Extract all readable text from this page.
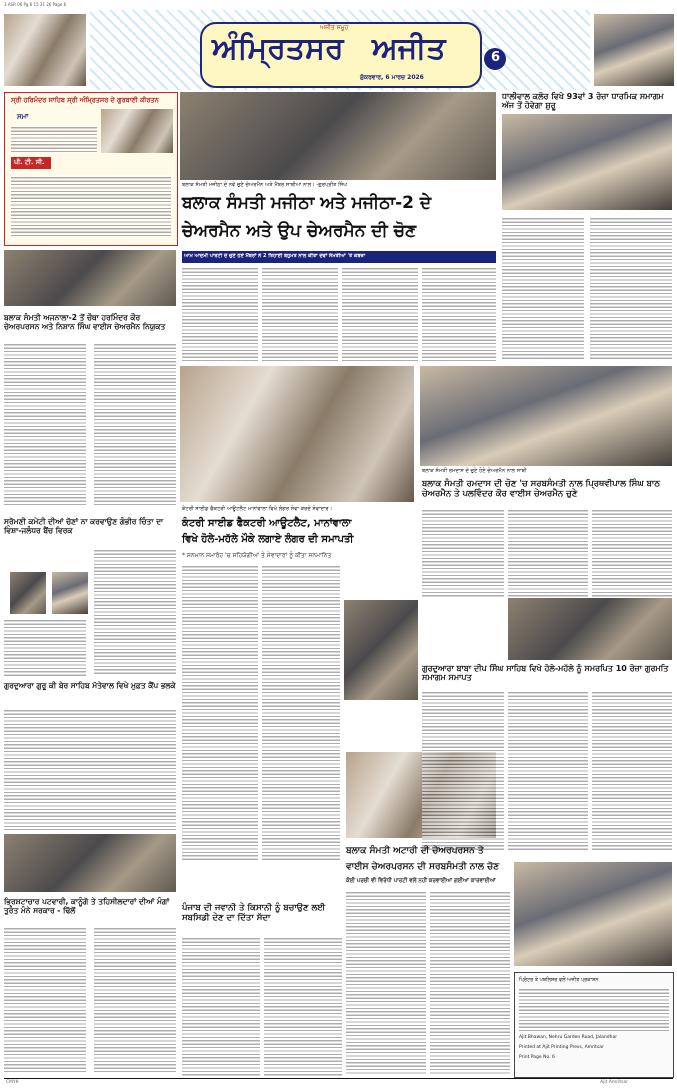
3 ASR 06 Pg 6 15 31 26 Page 6
ਅਜੀਤ ਸਮੂਹ
ਅੰਮ੍ਰਿਤਸਰ ਅਜੀਤ
ਸ਼ੁੱਕਰਵਾਰ, 6 ਮਾਰਚ 2026
6
ਸ੍ਰੀ ਹਰਿਮੰਦਰ ਸਾਹਿਬ ਸ੍ਰੀ ਅੰਮ੍ਰਿਤਸਰ ਦੇ ਗੁਰਬਾਣੀ ਕੀਰਤਨ
ਸਮਾਂ
ਪੀ. ਟੀ. ਸੀ.
ਬਲਾਕ ਸੰਮਤੀ ਮਜੀਠਾ ਦੇ ਨਵੇਂ ਚੁਣੇ ਚੇਅਰਮੈਨ ਅਤੇ ਮੈਂਬਰ ਸਾਥੀਆਂ ਨਾਲ। -ਗੁਰਪ੍ਰੀਤ ਸਿੰਘ
ਬਲਾਕ ਸੰਮਤੀ ਮਜੀਠਾ ਅਤੇ ਮਜੀਠਾ-2 ਦੇ
ਚੇਅਰਮੈਨ ਅਤੇ ਉਪ ਚੇਅਰਮੈਨ ਦੀ ਚੋਣ
ਆਮ ਆਦਮੀ ਪਾਰਟੀ ਦੇ ਚੁਣੇ ਹੋਏ ਮੈਂਬਰਾਂ ਨੇ 2 ਤਿਹਾਈ ਬਹੁਮਤ ਨਾਲ ਕੀਤਾ ਦੋਵਾਂ ਸੰਮਤੀਆਂ 'ਤੇ ਕਬਜ਼ਾ
ਧਾਲੀਵਾਲ ਕਲੋਰ ਵਿਖੇ 93ਵਾਂ 3 ਰੋਜ਼ਾ ਧਾਰਮਿਕ ਸਮਾਗਮ ਅੱਜ ਤੋਂ ਹੋਵੇਗਾ ਸ਼ੁਰੂ
ਬਲਾਕ ਸੰਮਤੀ ਅਜਨਾਲਾ-2 ਤੋਂ ਚੌਥਾ ਹਰਮਿੰਦਰ ਕੌਰ ਚੇਅਰਪਰਸਨ ਅਤੇ ਨਿਸ਼ਾਨ ਸਿੰਘ ਵਾਈਸ ਚੇਅਰਮੈਨ ਨਿਯੁਕਤ
ਬਲਾਕ ਸੰਮਤੀ ਰਮਦਾਸ ਦੇ ਚੁਣੇ ਹੋਏ ਚੇਅਰਮੈਨ ਨਾਲ ਸਾਥੀ
ਬਲਾਕ ਸੰਮਤੀ ਰਮਦਾਸ ਦੀ ਚੋਣ 'ਚ ਸਰਬਸੰਮਤੀ ਨਾਲ ਪ੍ਰਿਥਵੀਪਾਲ ਸਿੰਘ ਬਾਠ ਚੇਅਰਮੈਨ ਤੇ ਪਲਵਿੰਦਰ ਕੌਰ ਵਾਈਸ ਚੇਅਰਮੈਨ ਚੁਣੇ
ਕੰਟਰੀ ਸਾਈਡ ਫੈਕਟਰੀ ਆਊਟਲੈਟ ਮਾਨਾਂਵਾਲਾ ਵਿਖੇ ਲੰਗਰ ਸੇਵਾ ਕਰਦੇ ਸੇਵਾਦਾਰ।
ਕੰਟਰੀ ਸਾਈਡ ਫੈਕਟਰੀ ਆਊਟਲੈਟ, ਮਾਨਾਂਵਾਲਾ
ਵਿਖੇ ਹੋਲੇ-ਮਹੱਲੇ ਮੌਕੇ ਲਗਾਏ ਲੰਗਰ ਦੀ ਸਮਾਪਤੀ
* ਸਨਮਾਨ ਸਮਾਰੋਹ 'ਚ ਸਹਿਯੋਗੀਆਂ ਤੇ ਸੇਵਾਦਾਰਾਂ ਨੂੰ ਕੀਤਾ ਸਨਮਾਨਿਤ
ਗੁਰਦੁਆਰਾ ਬਾਬਾ ਦੀਪ ਸਿੰਘ ਸਾਹਿਬ ਵਿਖੇ ਹੋਲੇ-ਮਹੱਲੇ ਨੂੰ ਸਮਰਪਿਤ 10 ਰੋਜ਼ਾ ਗੁਰਮਤਿ ਸਮਾਗਮ ਸਮਾਪਤ
ਸ੍ਰੋਮਣੀ ਕਮੇਟੀ ਦੀਆਂ ਚੋਣਾਂ ਨਾ ਕਰਵਾਉਣ ਗੰਭੀਰ ਚਿੰਤਾ ਦਾ ਵਿਸ਼ਾ-ਜਲੰਧਰ ਬੈਂਚ ਵਿਰਕ
ਗੁਰਦੁਆਰਾ ਗੁਰੂ ਕੀ ਬੇਰ ਸਾਹਿਬ ਮੱਤੇਵਾਲ ਵਿਖੇ ਮੁਫ਼ਤ ਕੈਂਪ ਭਲਕੇ
ਬਲਾਕ ਸੰਮਤੀ ਅਟਾਰੀ ਦੀ ਚੇਅਰਪਰਸਨ ਤੇ
ਵਾਈਸ ਚੇਅਰਪਰਸਨ ਦੀ ਸਰਬਸੰਮਤੀ ਨਾਲ ਚੋਣ
ਕੋਈ ਪਰਚੀ ਵੀ ਵਿਰੋਧੀ ਪਾਰਟੀ ਵਲੋਂ ਨਹੀਂ ਕਰਵਾਈਆਂ ਗਈਆਂ ਕਾਰਵਾਈਆਂ
ਭ੍ਰਿਸ਼ਟਾਚਾਰ ਪਟਵਾਰੀ, ਕਾਨੂੰਗੋ ਤੇ ਤਹਿਸੀਲਦਾਰਾਂ ਦੀਆਂ ਮੰਗਾਂ ਤੁਰੰਤ ਮੰਨੇ ਸਰਕਾਰ - ਢਿੱਲੋਂ	ਪੰਜਾਬ ਦੀ ਜਵਾਨੀ ਤੇ ਕਿਸਾਨੀ ਨੂੰ ਬਚਾਉਣ ਲਈ ਸਬਸਿਡੀ ਦੇਣ ਦਾ ਦਿੱਤਾ ਸੱਦਾ
ਪ੍ਰਿੰਟਰ ਤੇ ਪਬਲਿਸ਼ਰ ਵਲੋਂ ਅਜੀਤ ਪ੍ਰਕਾਸ਼ਨ
Ajit Bhawan, Nehru Garden Road, Jalandhar
Printed at Ajit Printing Press, Amritsar
Print Page No. 6
CMYK	Ajit Amritsar
